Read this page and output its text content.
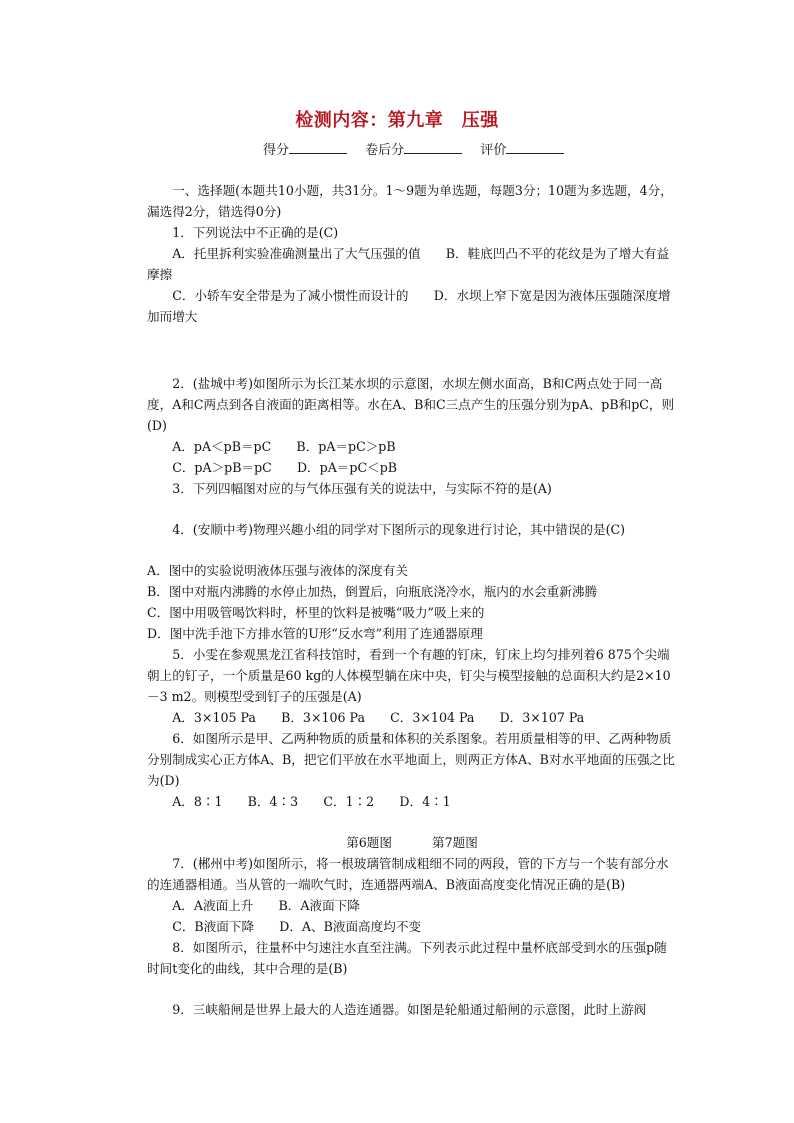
检测内容：第九章　压强
得分	卷后分	评价

一、选择题(本题共10小题，共31分。1～9题为单选题，每题3分；10题为多选题，4分，漏选得2分，错选得0分)

1．下列说法中不正确的是(C)

A．托里拆利实验准确测量出了大气压强的值　　B．鞋底凹凸不平的花纹是为了增大有益摩擦

C．小轿车安全带是为了减小惯性而设计的　　D．水坝上窄下宽是因为液体压强随深度增加而增大

2．(盐城中考)如图所示为长江某水坝的示意图，水坝左侧水面高，B和C两点处于同一高度，A和C两点到各自液面的距离相等。水在A、B和C三点产生的压强分别为pA、pB和pC，则(D)

A．pA＜pB＝pC　　B．pA＝pC＞pB

C．pA＞pB＝pC　　D．pA＝pC＜pB

3．下列四幅图对应的与气体压强有关的说法中，与实际不符的是(A)

4．(安顺中考)物理兴趣小组的同学对下图所示的现象进行讨论，其中错误的是(C)

A．图中的实验说明液体压强与液体的深度有关

B．图中对瓶内沸腾的水停止加热，倒置后，向瓶底浇冷水，瓶内的水会重新沸腾

C．图中用吸管喝饮料时，杯里的饮料是被嘴“吸力”吸上来的

D．图中洗手池下方排水管的U形“反水弯”利用了连通器原理

5．小雯在参观黑龙江省科技馆时，看到一个有趣的钉床，钉床上均匀排列着6 875个尖端朝上的钉子，一个质量是60 kg的人体模型躺在床中央，钉尖与模型接触的总面积大约是2×10－3 m2。则模型受到钉子的压强是(A)

A．3×105 Pa　　B．3×106 Pa　　C．3×104 Pa　　D．3×107 Pa

6．如图所示是甲、乙两种物质的质量和体积的关系图象。若用质量相等的甲、乙两种物质分别制成实心正方体A、B，把它们平放在水平地面上，则两正方体A、B对水平地面的压强之比为(D)

A．8∶1　　B．4∶3　　C．1∶2　　D．4∶1

第6题图	第7题图

7．(郴州中考)如图所示，将一根玻璃管制成粗细不同的两段，管的下方与一个装有部分水的连通器相通。当从管的一端吹气时，连通器两端A、B液面高度变化情况正确的是(B)

A．A液面上升　　B．A液面下降

C．B液面下降　　D．A、B液面高度均不变

8．如图所示，往量杯中匀速注水直至注满。下列表示此过程中量杯底部受到水的压强p随时间t变化的曲线，其中合理的是(B)

9．三峡船闸是世界上最大的人造连通器。如图是轮船通过船闸的示意图，此时上游阀
